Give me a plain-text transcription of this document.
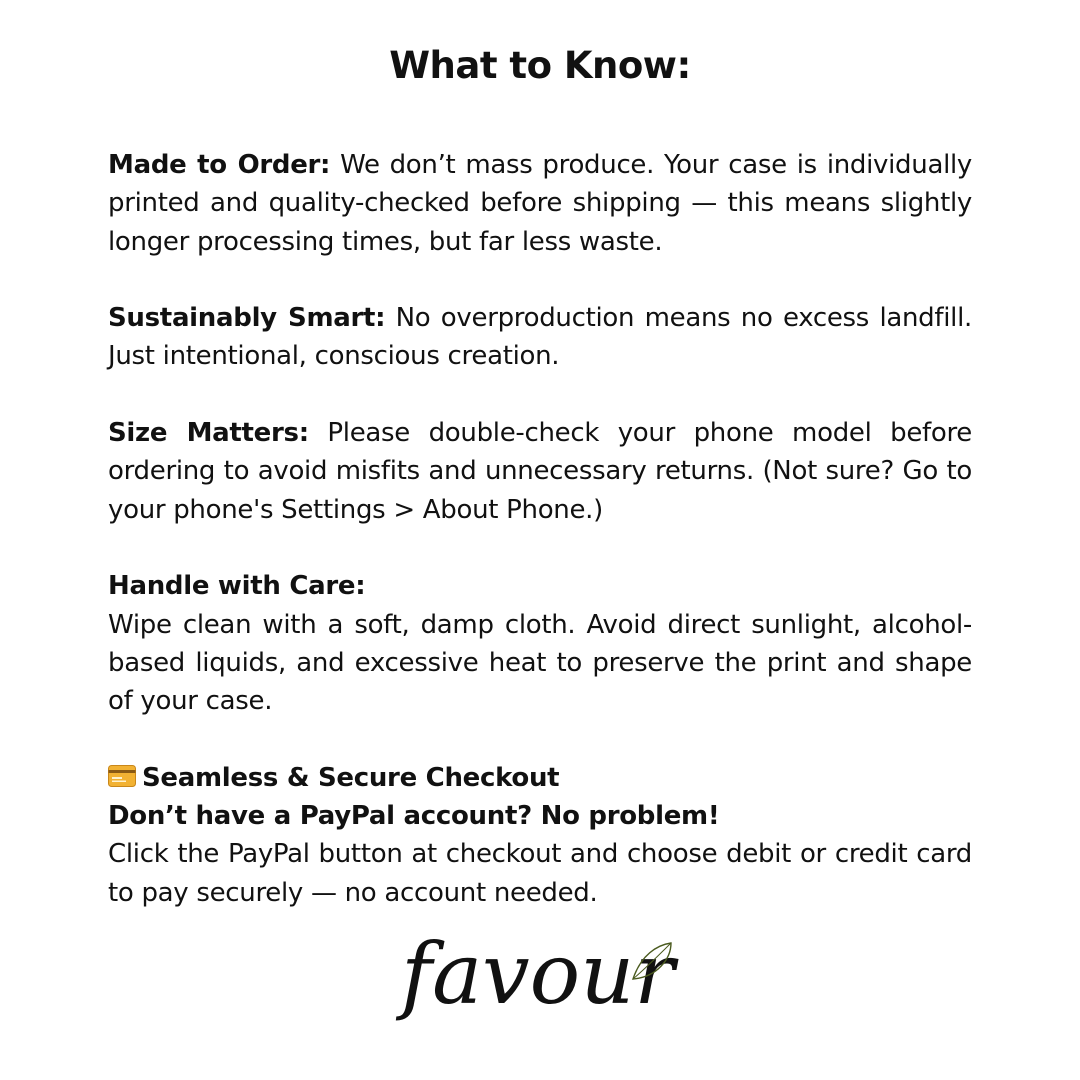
What to Know:

Made to Order: We don’t mass produce. Your case is individually printed and quality-checked before shipping — this means slightly longer processing times, but far less waste.

Sustainably Smart: No overproduction means no excess landfill. Just intentional, conscious creation.

Size Matters: Please double-check your phone model before ordering to avoid misfits and unnecessary returns. (Not sure? Go to your phone's Settings > About Phone.)

Handle with Care:

Wipe clean with a soft, damp cloth. Avoid direct sunlight, alcohol-based liquids, and excessive heat to preserve the print and shape of your case.

Seamless & Secure Checkout

Don’t have a PayPal account? No problem!

Click the PayPal button at checkout and choose debit or credit card to pay securely — no account needed.

favour
